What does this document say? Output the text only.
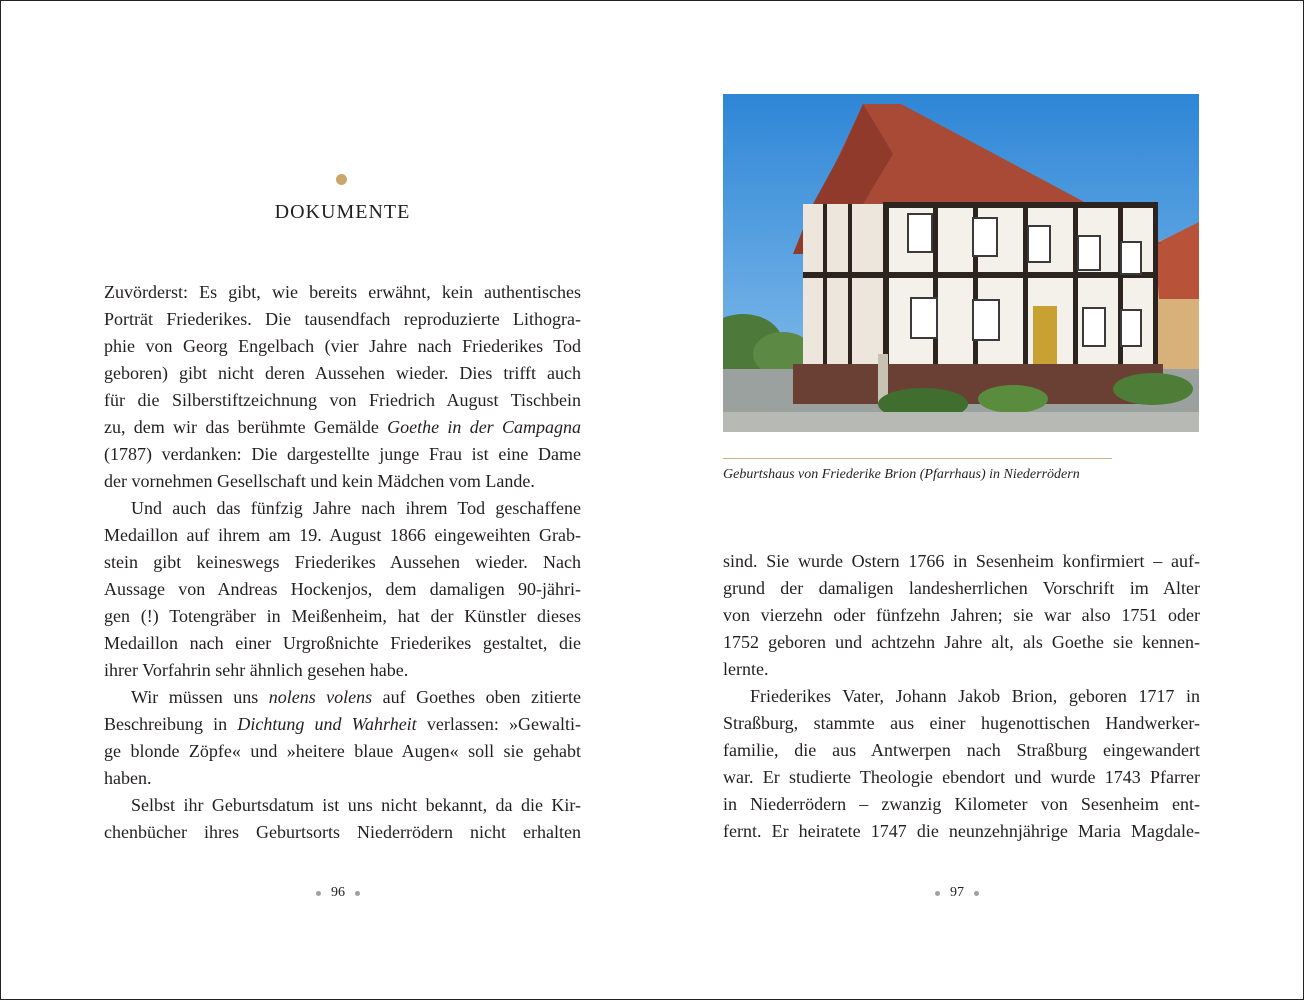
DOKUMENTE
Zuvörderst: Es gibt, wie bereits erwähnt, kein authentisches
Porträt Friederikes. Die tausendfach reproduzierte Lithogra-
phie von Georg Engelbach (vier Jahre nach Friederikes Tod
geboren) gibt nicht deren Aussehen wieder. Dies trifft auch
für die Silberstiftzeichnung von Friedrich August Tischbein
zu, dem wir das berühmte Gemälde Goethe in der Campagna
(1787) verdanken: Die dargestellte junge Frau ist eine Dame
der vornehmen Gesellschaft und kein Mädchen vom Lande.
Und auch das fünfzig Jahre nach ihrem Tod geschaffene
Medaillon auf ihrem am 19. August 1866 eingeweihten Grab-
stein gibt keineswegs Friederikes Aussehen wieder. Nach
Aussage von Andreas Hockenjos, dem damaligen 90-jähri-
gen (!) Totengräber in Meißenheim, hat der Künstler dieses
Medaillon nach einer Urgroßnichte Friederikes gestaltet, die
ihrer Vorfahrin sehr ähnlich gesehen habe.
Wir müssen uns nolens volens auf Goethes oben zitierte
Beschreibung in Dichtung und Wahrheit verlassen: »Gewalti-
ge blonde Zöpfe« und »heitere blaue Augen« soll sie gehabt
haben.
Selbst ihr Geburtsdatum ist uns nicht bekannt, da die Kir-
chenbücher ihres Geburtsorts Niederrödern nicht erhalten
96
Geburtshaus von Friederike Brion (Pfarrhaus) in Niederrödern
sind. Sie wurde Ostern 1766 in Sesenheim konfirmiert – auf-
grund der damaligen landesherrlichen Vorschrift im Alter
von vierzehn oder fünfzehn Jahren; sie war also 1751 oder
1752 geboren und achtzehn Jahre alt, als Goethe sie kennen-
lernte.
Friederikes Vater, Johann Jakob Brion, geboren 1717 in
Straßburg, stammte aus einer hugenottischen Handwerker-
familie, die aus Antwerpen nach Straßburg eingewandert
war. Er studierte Theologie ebendort und wurde 1743 Pfarrer
in Niederrödern – zwanzig Kilometer von Sesenheim ent-
fernt. Er heiratete 1747 die neunzehnjährige Maria Magdale-
97
